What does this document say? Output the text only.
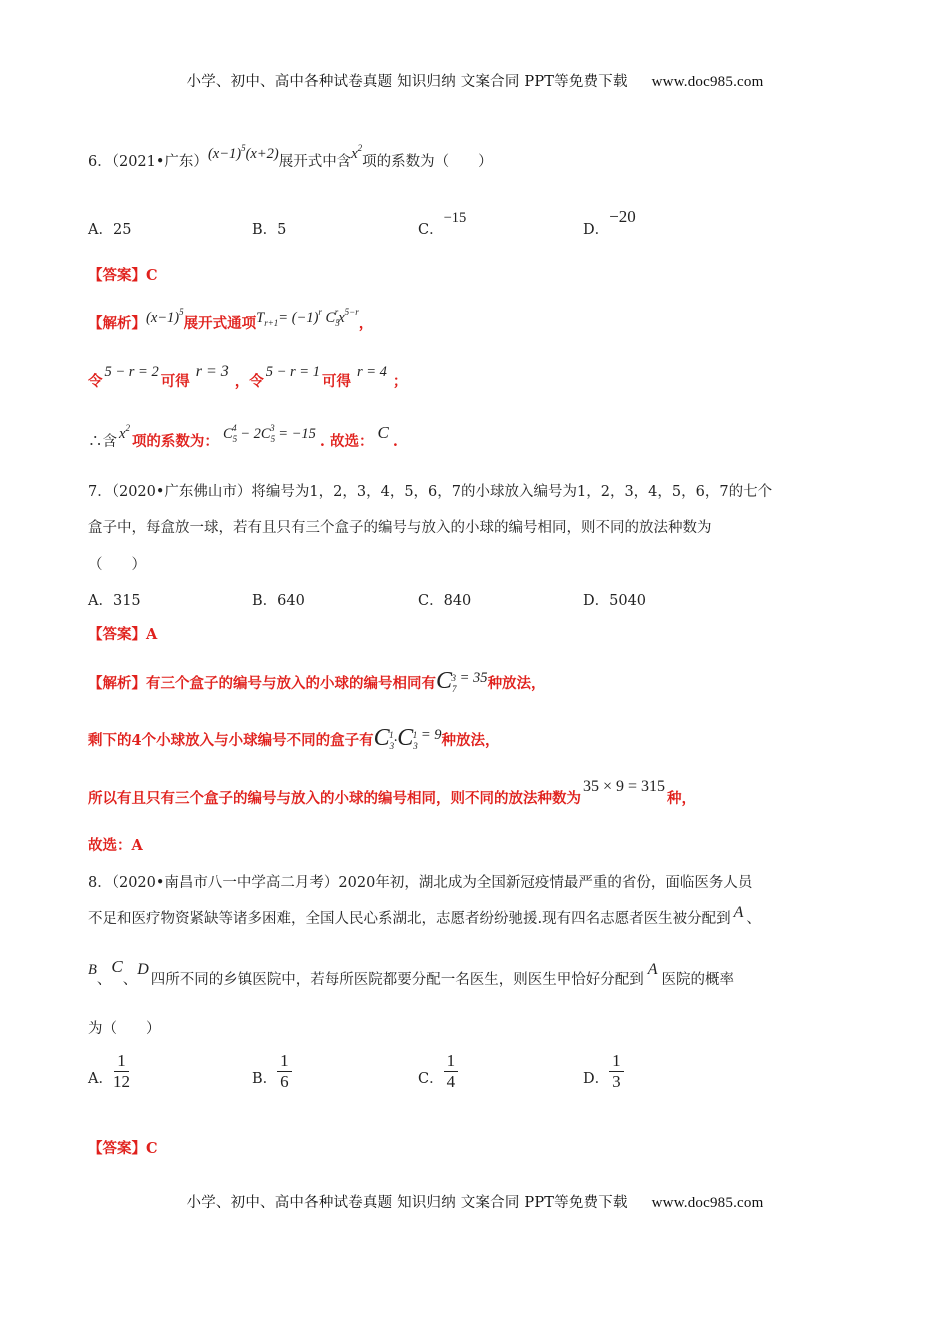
小学、初中、高中各种试卷真题 知识归纳 文案合同 PPT等免费下载 www.doc985.com
6．（2021•广东）$(x-1)^5(x+2)$展开式中含$x^2$项的系数为（　　）
A．25	B．5	C．−15
D．−20
【答案】C
【解析】$(x-1)^5$展开式通项$T_{r+1}= (-1)^r$ $C_5^rx^{5-r}$，
令5 − r = 2可得r = 3，令5 − r = 1可得r = 4；
∴含 $x^2$项的系数为： $C_5^4 - 2C_5^3 = -15$ . 故选： C .
7．（2020•广东佛山市）将编号为1，2，3，4，5，6，7的小球放入编号为1，2，3，4，5，6，7的七个
盒子中，每盒放一球，若有且只有三个盒子的编号与放入的小球的编号相同，则不同的放法种数为
（　　）
A．315	B．640	C．840	D．5040
【答案】A
【解析】有三个盒子的编号与放入的小球的编号相同有$C_7^3 = 35$种放法，
剩下的4个小球放入与小球编号不同的盒子有$C_3^1\cdot C_3^1 = 9$种放法，
所以有且只有三个盒子的编号与放入的小球的编号相同，则不同的放法种数为35 × 9 = 315种，
故选：A
8．（2020•南昌市八一中学高二月考）2020年初，湖北成为全国新冠疫情最严重的省份，面临医务人员
不足和医疗物资紧缺等诸多困难，全国人民心系湖北，志愿者纷纷驰援.现有四名志愿者医生被分配到 A 、
B、C、D四所不同的乡镇医院中，若每所医院都要分配一名医生，则医生甲恰好分配到A医院的概率
为（　　）
A． $\frac{1}{12}$	B． $\frac{1}{6}$	C． $\frac{1}{4}$	D． $\frac{1}{3}$
【答案】C
小学、初中、高中各种试卷真题 知识归纳 文案合同 PPT等免费下载 www.doc985.com
